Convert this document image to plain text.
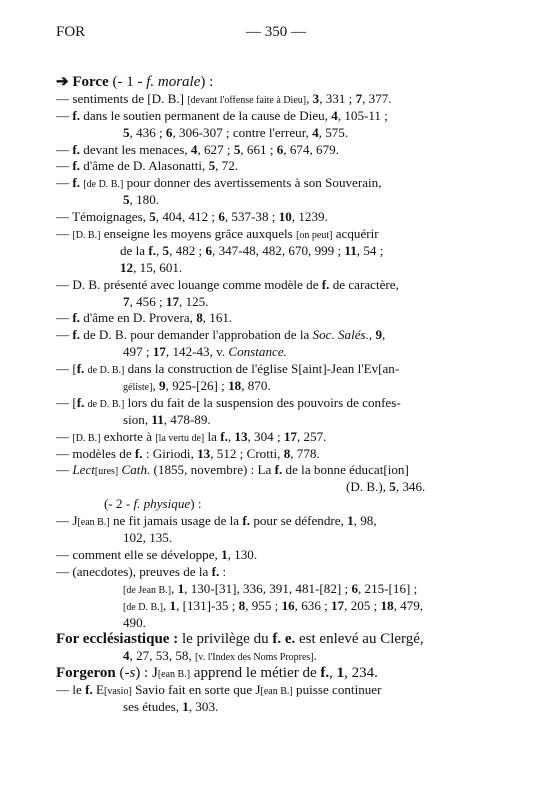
FOR	— 350 —
➔ Force (- 1 - f. morale) :
— sentiments de [D. B.] [devant l'offense faite à Dieu], 3, 331 ; 7, 377.
— f. dans le soutien permanent de la cause de Dieu, 4, 105-11 ;
5, 436 ; 6, 306-307 ; contre l'erreur, 4, 575.
— f. devant les menaces, 4, 627 ; 5, 661 ; 6, 674, 679.
— f. d'âme de D. Alasonatti, 5, 72.
— f. [de D. B.] pour donner des avertissements à son Souverain,
5, 180.
— Témoignages, 5, 404, 412 ; 6, 537-38 ; 10, 1239.
— [D. B.] enseigne les moyens grâce auxquels [on peut] acquérir
de la f., 5, 482 ; 6, 347-48, 482, 670, 999 ; 11, 54 ;
12, 15, 601.
— D. B. présenté avec louange comme modèle de f. de caractère,
7, 456 ; 17, 125.
— f. d'âme en D. Provera, 8, 161.
— f. de D. B. pour demander l'approbation de la Soc. Salés., 9,
497 ; 17, 142-43, v. Constance.
— [f. de D. B.] dans la construction de l'église S[aint]-Jean l'Ev[an-
géliste], 9, 925-[26] ; 18, 870.
— [f. de D. B.] lors du fait de la suspension des pouvoirs de confes-
sion, 11, 478-89.
— [D. B.] exhorte à [la vertu de] la f., 13, 304 ; 17, 257.
— modèles de f. : Giriodi, 13, 512 ; Crotti, 8, 778.
— Lect[ures] Cath. (1855, novembre) : La f. de la bonne éducat[ion]
(D. B.), 5, 346.
(- 2 - f. physique) :
— J[ean B.] ne fit jamais usage de la f. pour se défendre, 1, 98,
102, 135.
— comment elle se développe, 1, 130.
— (anecdotes), preuves de la f. :
[de Jean B.], 1, 130-[31], 336, 391, 481-[82] ; 6, 215-[16] ;
[de D. B.], 1, [131]-35 ; 8, 955 ; 16, 636 ; 17, 205 ; 18, 479,
490.
For ecclésiastique : le privilège du f. e. est enlevé au Clergé,
4, 27, 53, 58, [v. l'Index des Noms Propres].
Forgeron (-s) : J[ean B.] apprend le métier de f., 1, 234.
— le f. E[vasio] Savio fait en sorte que J[ean B.] puisse continuer
ses études, 1, 303.
